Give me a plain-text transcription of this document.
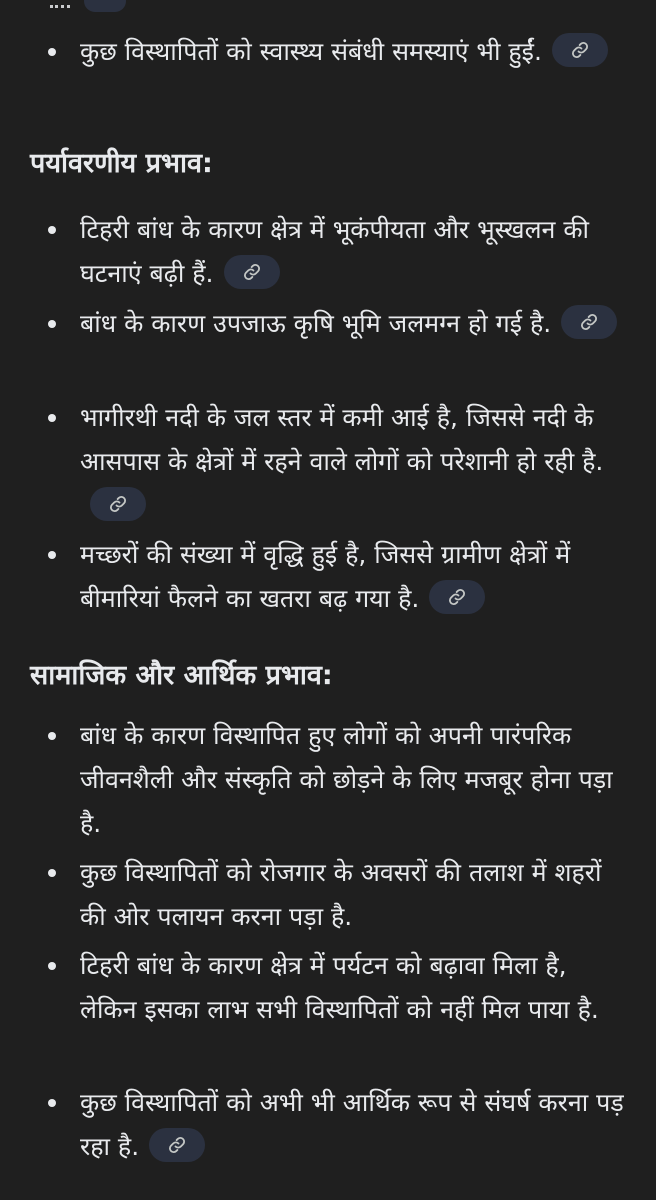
कुछ विस्थापितों को स्वास्थ्य संबंधी समस्याएं भी हुईं.
पर्यावरणीय प्रभाव:
टिहरी बांध के कारण क्षेत्र में भूकंपीयता और भूस्खलन की घटनाएं बढ़ी हैं.
बांध के कारण उपजाऊ कृषि भूमि जलमग्न हो गई है.
भागीरथी नदी के जल स्तर में कमी आई है, जिससे नदी के आसपास के क्षेत्रों में रहने वाले लोगों को परेशानी हो रही है.
मच्छरों की संख्या में वृद्धि हुई है, जिससे ग्रामीण क्षेत्रों में बीमारियां फैलने का खतरा बढ़ गया है.
सामाजिक और आर्थिक प्रभाव:
बांध के कारण विस्थापित हुए लोगों को अपनी पारंपरिक जीवनशैली और संस्कृति को छोड़ने के लिए मजबूर होना पड़ा है.
कुछ विस्थापितों को रोजगार के अवसरों की तलाश में शहरों की ओर पलायन करना पड़ा है.
टिहरी बांध के कारण क्षेत्र में पर्यटन को बढ़ावा मिला है, लेकिन इसका लाभ सभी विस्थापितों को नहीं मिल पाया है.
कुछ विस्थापितों को अभी भी आर्थिक रूप से संघर्ष करना पड़ रहा है.
